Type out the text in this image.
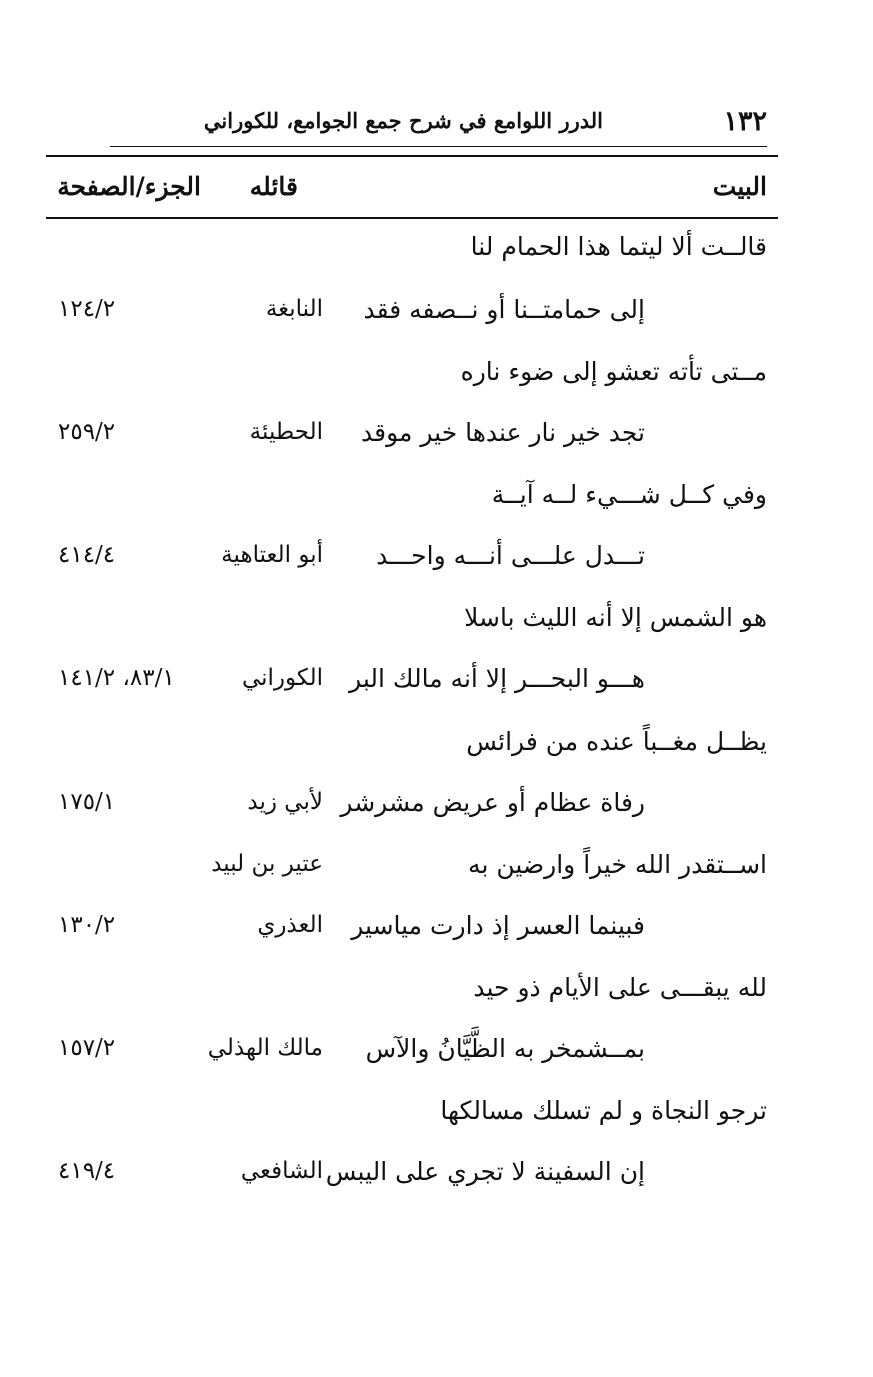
١٣٢
الدرر اللوامع في شرح جمع الجوامع، للكوراني
البيت
قائله
الجزء/الصفحة
قالــت ألا ليتما هذا الحمام لنا
إلى حمامتــنا أو نــصفه فقد
النابغة
١٢٤/٢
مــتى تأته تعشو إلى ضوء ناره
تجد خير نار عندها خير موقد
الحطيئة
٢٥٩/٢
وفي كــل شـــيء لــه آيــة
تـــدل علـــى أنـــه واحـــد
أبو العتاهية
٤١٤/٤
هو الشمس إلا أنه الليث باسلا
هـــو البحـــر إلا أنه مالك البر
الكوراني
٨٣/١، ١٤١/٢
يظــل مغــباً عنده من فرائس
رفاة عظام أو عريض مشرشر
لأبي زيد
١٧٥/١
اســتقدر الله خيراً وارضين به
عتير بن لبيد
فبينما العسر إذ دارت مياسير
العذري
١٣٠/٢
لله يبقـــى على الأيام ذو حيد
بمــشمخر به الظَّيَّانُ والآس
مالك الهذلي
١٥٧/٢
ترجو النجاة و لم تسلك مسالكها
إن السفينة لا تجري على اليبس
الشافعي
٤١٩/٤
